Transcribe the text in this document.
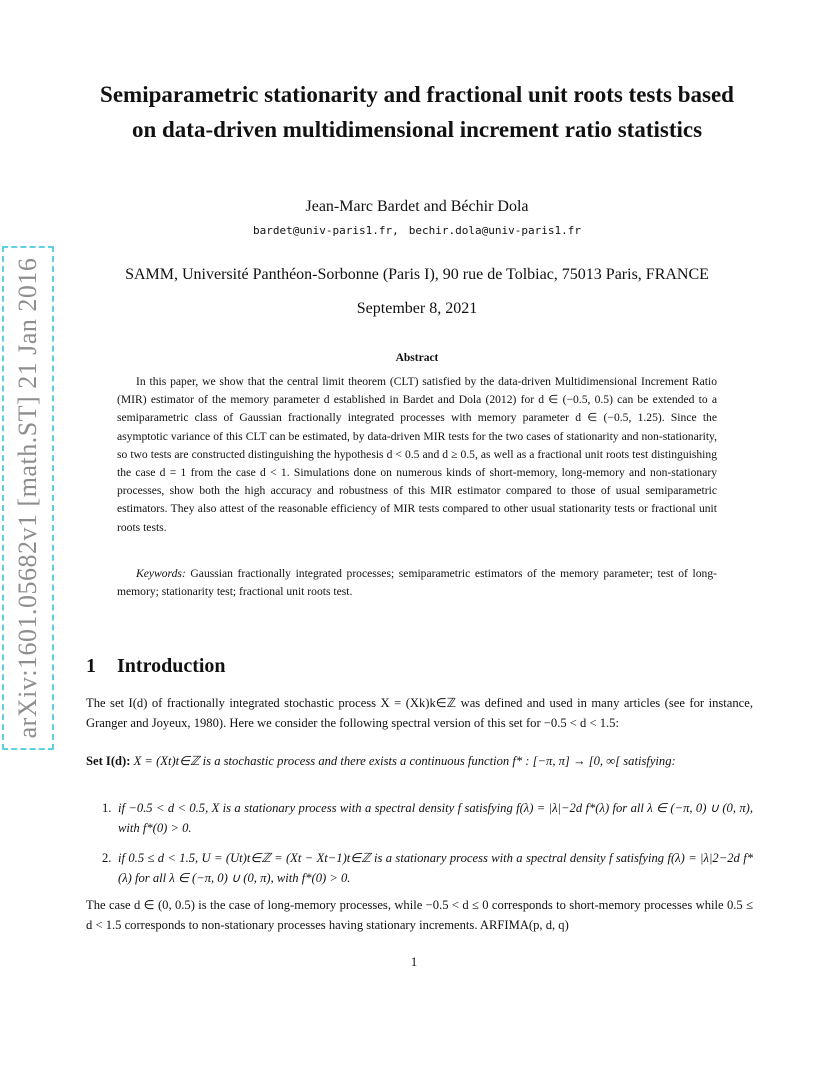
arXiv:1601.05682v1 [math.ST] 21 Jan 2016
Semiparametric stationarity and fractional unit roots tests based on data-driven multidimensional increment ratio statistics
Jean-Marc Bardet and Béchir Dola
bardet@univ-paris1.fr, bechir.dola@univ-paris1.fr
SAMM, Université Panthéon-Sorbonne (Paris I), 90 rue de Tolbiac, 75013 Paris, FRANCE
September 8, 2021
Abstract
In this paper, we show that the central limit theorem (CLT) satisfied by the data-driven Multidimensional Increment Ratio (MIR) estimator of the memory parameter d established in Bardet and Dola (2012) for d ∈ (−0.5, 0.5) can be extended to a semiparametric class of Gaussian fractionally integrated processes with memory parameter d ∈ (−0.5, 1.25). Since the asymptotic variance of this CLT can be estimated, by data-driven MIR tests for the two cases of stationarity and non-stationarity, so two tests are constructed distinguishing the hypothesis d < 0.5 and d ≥ 0.5, as well as a fractional unit roots test distinguishing the case d = 1 from the case d < 1. Simulations done on numerous kinds of short-memory, long-memory and non-stationary processes, show both the high accuracy and robustness of this MIR estimator compared to those of usual semiparametric estimators. They also attest of the reasonable efficiency of MIR tests compared to other usual stationarity tests or fractional unit roots tests.
Keywords: Gaussian fractionally integrated processes; semiparametric estimators of the memory parameter; test of long-memory; stationarity test; fractional unit roots test.
1 Introduction
The set I(d) of fractionally integrated stochastic process X = (Xk)k∈ℤ was defined and used in many articles (see for instance, Granger and Joyeux, 1980). Here we consider the following spectral version of this set for −0.5 < d < 1.5:
Set I(d): X = (Xt)t∈ℤ is a stochastic process and there exists a continuous function f* : [−π, π] → [0, ∞[ satisfying:
1. if −0.5 < d < 0.5, X is a stationary process with a spectral density f satisfying f(λ) = |λ|−2d f*(λ) for all λ ∈ (−π, 0) ∪ (0, π), with f*(0) > 0.
2. if 0.5 ≤ d < 1.5, U = (Ut)t∈ℤ = (Xt − Xt−1)t∈ℤ is a stationary process with a spectral density f satisfying f(λ) = |λ|2−2d f*(λ) for all λ ∈ (−π, 0) ∪ (0, π), with f*(0) > 0.
The case d ∈ (0, 0.5) is the case of long-memory processes, while −0.5 < d ≤ 0 corresponds to short-memory processes while 0.5 ≤ d < 1.5 corresponds to non-stationary processes having stationary increments. ARFIMA(p, d, q)
1
